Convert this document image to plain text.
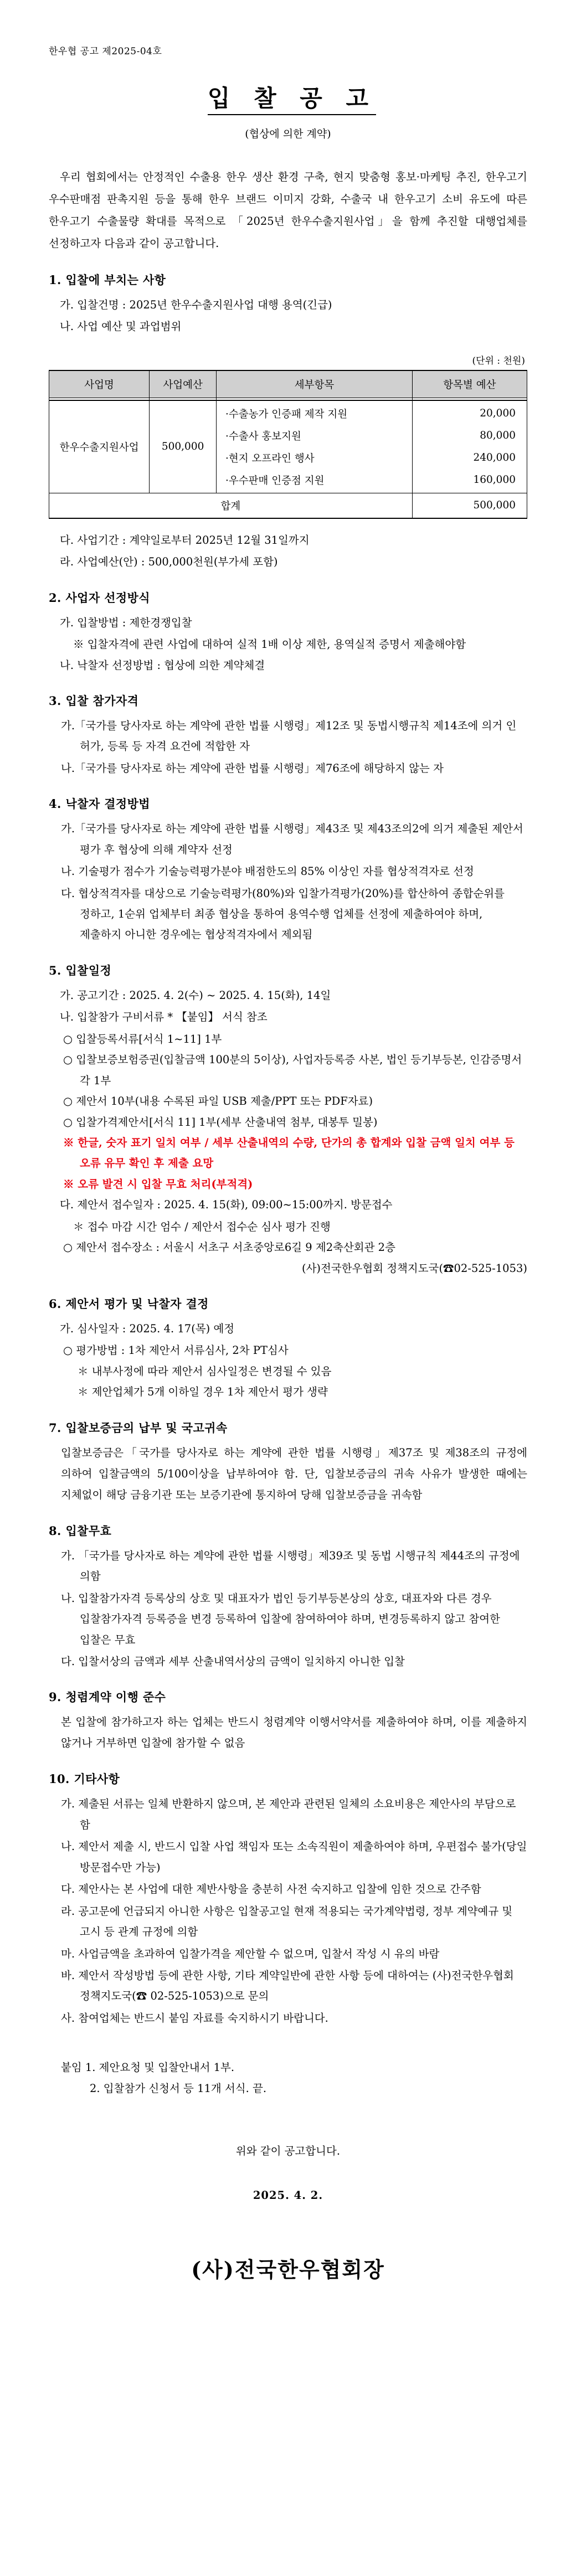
한우협 공고 제2025-04호
입 찰 공 고
(협상에 의한 계약)

우리 협회에서는 안정적인 수출용 한우 생산 환경 구축, 현지 맞춤형 홍보·마케팅 추진, 한우고기 우수판매점 판촉지원 등을 통해 한우 브랜드 이미지 강화, 수출국 내 한우고기 소비 유도에 따른 한우고기 수출물량 확대를 목적으로 「2025년 한우수출지원사업」을 함께 추진할 대행업체를 선정하고자 다음과 같이 공고합니다.

1. 입찰에 부치는 사항

가. 입찰건명 : 2025년 한우수출지원사업 대행 용역(긴급)

나. 사업 예산 및 과업범위

(단위 : 천원)
사업명	사업예산	세부항목	항목별 예산

한우수출지원사업	500,000	·수출농가 인증패 제작 지원	20,000
		·수출사 홍보지원	80,000
		·현지 오프라인 행사	240,000
		·우수판매 인증점 지원	160,000
합계			500,000

다. 사업기간 : 계약일로부터 2025년 12월 31일까지

라. 사업예산(안) : 500,000천원(부가세 포함)

2. 사업자 선정방식

가. 입찰방법 : 제한경쟁입찰

※ 입찰자격에 관련 사업에 대하여 실적 1배 이상 제한, 용역실적 증명서 제출해야함

나. 낙찰자 선정방법 : 협상에 의한 계약체결

3. 입찰 참가자격

가.「국가를 당사자로 하는 계약에 관한 법률 시행령」제12조 및 동법시행규칙 제14조에 의거 인 허가, 등록 등 자격 요건에 적합한 자

나.「국가를 당사자로 하는 계약에 관한 법률 시행령」제76조에 해당하지 않는 자

4. 낙찰자 결정방법

가.「국가를 당사자로 하는 계약에 관한 법률 시행령」제43조 및 제43조의2에 의거 제출된 제안서 평가 후 협상에 의해 계약자 선정

나. 기술평가 점수가 기술능력평가분야 배점한도의 85% 이상인 자를 협상적격자로 선정

다. 협상적격자를 대상으로 기술능력평가(80%)와 입찰가격평가(20%)를 합산하여 종합순위를 정하고, 1순위 업체부터 최종 협상을 통하여 용역수행 업체를 선정에 제출하여야 하며, 제출하지 아니한 경우에는 협상적격자에서 제외됨

5. 입찰일정

가. 공고기간 : 2025. 4. 2(수) ~ 2025. 4. 15(화), 14일

나. 입찰참가 구비서류 * 【붙임】 서식 참조

○ 입찰등록서류[서식 1~11] 1부

○ 입찰보증보험증권(입찰금액 100분의 5이상), 사업자등록증 사본, 법인 등기부등본, 인감증명서 각 1부

○ 제안서 10부(내용 수록된 파일 USB 제출/PPT 또는 PDF자료)

○ 입찰가격제안서[서식 11] 1부(세부 산출내역 첨부, 대봉투 밀봉)

※ 한글, 숫자 표기 일치 여부 / 세부 산출내역의 수량, 단가의 총 합계와 입찰 금액 일치 여부 등 오류 유무 확인 후 제출 요망

※ 오류 발견 시 입찰 무효 처리(부적격)

다. 제안서 접수일자 : 2025. 4. 15(화), 09:00~15:00까지. 방문접수

＊ 접수 마감 시간 엄수 / 제안서 접수순 심사 평가 진행

○ 제안서 접수장소 : 서울시 서초구 서초중앙로6길 9 제2축산회관 2층

(사)전국한우협회 정책지도국(☎02-525-1053)

6. 제안서 평가 및 낙찰자 결정

가. 심사일자 : 2025. 4. 17(목) 예정

○ 평가방법 : 1차 제안서 서류심사, 2차 PT심사

＊ 내부사정에 따라 제안서 심사일정은 변경될 수 있음

＊ 제안업체가 5개 이하일 경우 1차 제안서 평가 생략

7. 입찰보증금의 납부 및 국고귀속

입찰보증금은「국가를 당사자로 하는 계약에 관한 법률 시행령」제37조 및 제38조의 규정에 의하여 입찰금액의 5/100이상을 납부하여야 함. 단, 입찰보증금의 귀속 사유가 발생한 때에는 지체없이 해당 금융기관 또는 보증기관에 통지하여 당해 입찰보증금을 귀속함

8. 입찰무효

가. 「국가를 당사자로 하는 계약에 관한 법률 시행령」제39조 및 동법 시행규칙 제44조의 규정에 의함

나. 입찰참가자격 등록상의 상호 및 대표자가 법인 등기부등본상의 상호, 대표자와 다른 경우 입찰참가자격 등록증을 변경 등록하여 입찰에 참여하여야 하며, 변경등록하지 않고 참여한 입찰은 무효

다. 입찰서상의 금액과 세부 산출내역서상의 금액이 일치하지 아니한 입찰

9. 청렴계약 이행 준수

본 입찰에 참가하고자 하는 업체는 반드시 청렴계약 이행서약서를 제출하여야 하며, 이를 제출하지 않거나 거부하면 입찰에 참가할 수 없음

10. 기타사항

가. 제출된 서류는 일체 반환하지 않으며, 본 제안과 관련된 일체의 소요비용은 제안사의 부담으로 함

나. 제안서 제출 시, 반드시 입찰 사업 책임자 또는 소속직원이 제출하여야 하며, 우편접수 불가(당일 방문접수만 가능)

다. 제안사는 본 사업에 대한 제반사항을 충분히 사전 숙지하고 입찰에 임한 것으로 간주함

라. 공고문에 언급되지 아니한 사항은 입찰공고일 현재 적용되는 국가계약법령, 정부 계약예규 및 고시 등 관계 규정에 의함

마. 사업금액을 초과하여 입찰가격을 제안할 수 없으며, 입찰서 작성 시 유의 바람

바. 제안서 작성방법 등에 관한 사항, 기타 계약일반에 관한 사항 등에 대하여는 (사)전국한우협회 정책지도국(☎ 02-525-1053)으로 문의

사. 참여업체는 반드시 붙임 자료를 숙지하시기 바랍니다.

붙임 1. 제안요청 및 입찰안내서 1부.
2. 입찰참가 신청서 등 11개 서식. 끝.
위와 같이 공고합니다.
2025. 4. 2.
(사)전국한우협회장
